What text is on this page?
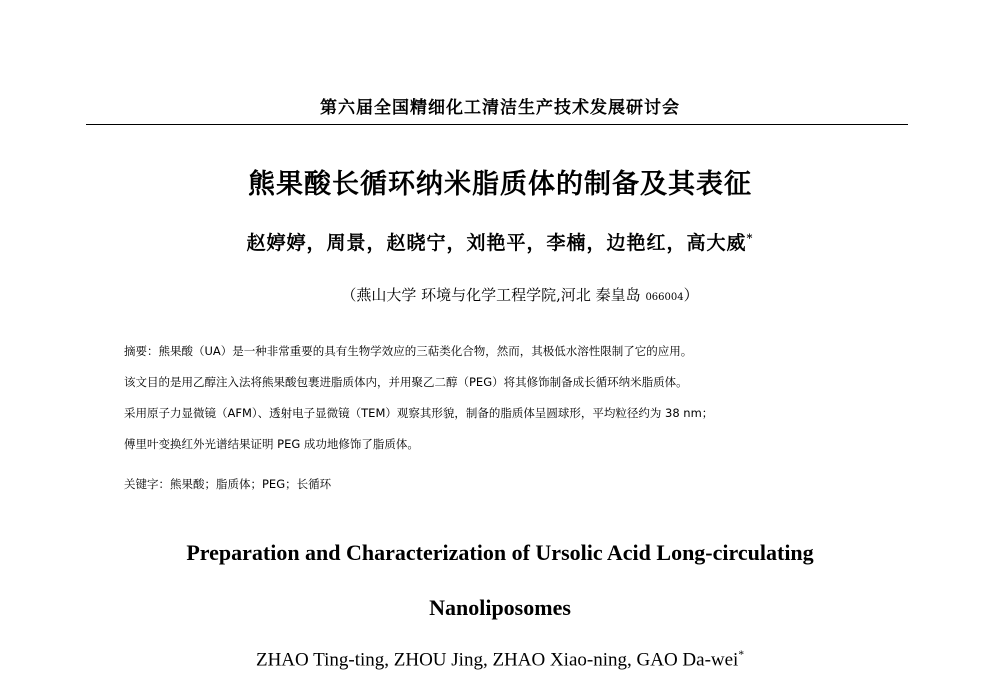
第六届全国精细化工清洁生产技术发展研讨会
熊果酸长循环纳米脂质体的制备及其表征
赵婷婷，周景，赵晓宁，刘艳平，李楠，边艳红，高大威*
（燕山大学 环境与化学工程学院,河北 秦皇岛 066004）

摘要：熊果酸（UA）是一种非常重要的具有生物学效应的三萜类化合物，然而，其极低水溶性限制了它的应用。

该文目的是用乙醇注入法将熊果酸包裹进脂质体内，并用聚乙二醇（PEG）将其修饰制备成长循环纳米脂质体。

采用原子力显微镜（AFM）、透射电子显微镜（TEM）观察其形貌，制备的脂质体呈圆球形，平均粒径约为 38 nm；

傅里叶变换红外光谱结果证明 PEG 成功地修饰了脂质体。

关键字：熊果酸；脂质体；PEG；长循环
Preparation and Characterization of Ursolic Acid Long-circulating
Nanoliposomes
ZHAO Ting-ting, ZHOU Jing, ZHAO Xiao-ning, GAO Da-wei*
